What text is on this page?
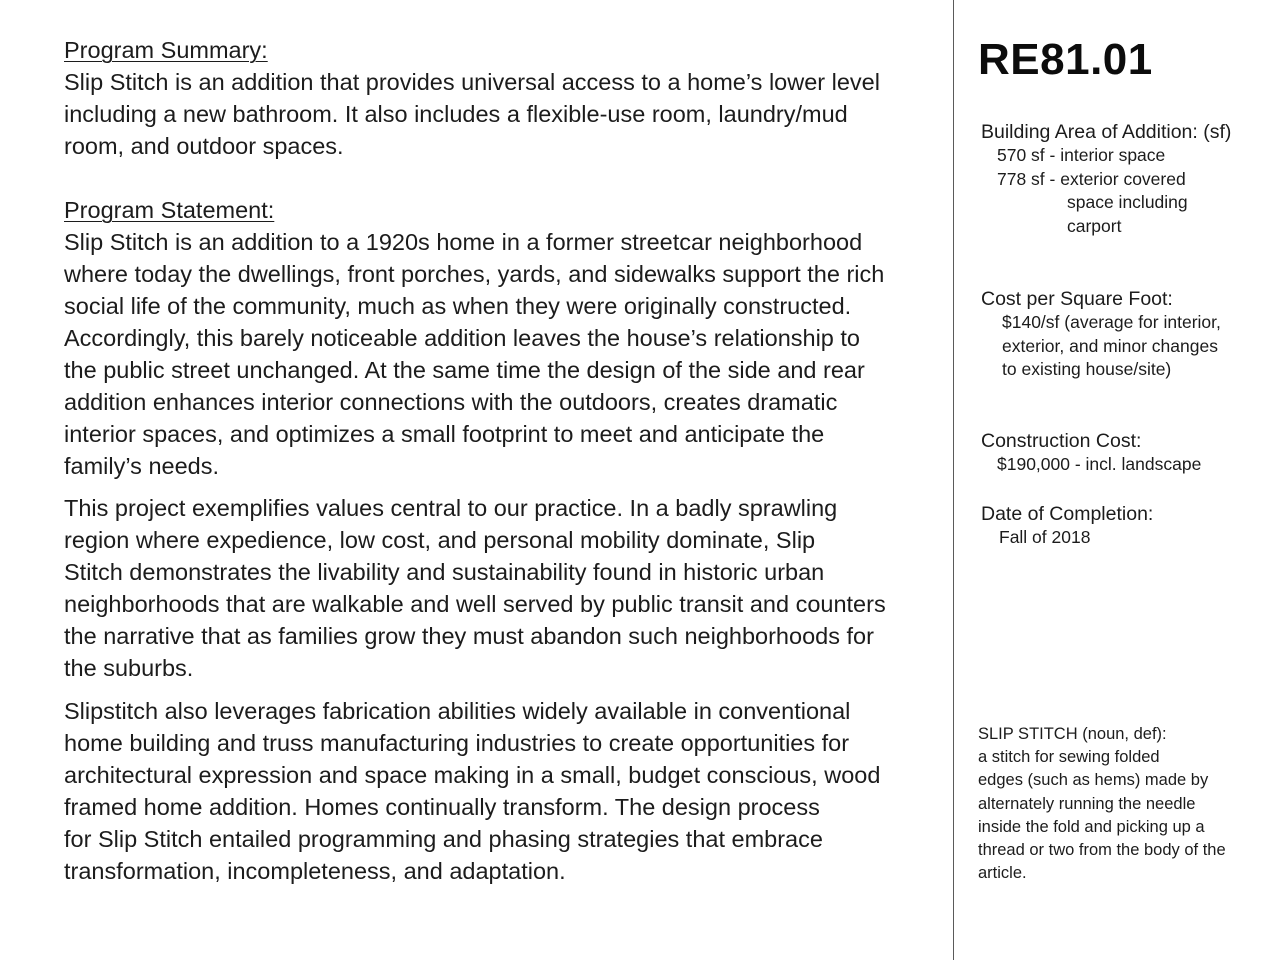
Program Summary:
Slip Stitch is an addition that provides universal access to a home’s lower level
including a new bathroom. It also includes a flexible-use room, laundry/mud
room, and outdoor spaces.
Program Statement:
Slip Stitch is an addition to a 1920s home in a former streetcar neighborhood
where today the dwellings, front porches, yards, and sidewalks support the rich
social life of the community, much as when they were originally constructed.
Accordingly, this barely noticeable addition leaves the house’s relationship to
the public street unchanged. At the same time the design of the side and rear
addition enhances interior connections with the outdoors, creates dramatic
interior spaces, and optimizes a small footprint to meet and anticipate the
family’s needs.
This project exemplifies values central to our practice. In a badly sprawling
region where expedience, low cost, and personal mobility dominate, Slip
Stitch demonstrates the livability and sustainability found in historic urban
neighborhoods that are walkable and well served by public transit and counters
the narrative that as families grow they must abandon such neighborhoods for
the suburbs.
Slipstitch also leverages fabrication abilities widely available in conventional
home building and truss manufacturing industries to create opportunities for
architectural expression and space making in a small, budget conscious, wood
framed home addition. Homes continually transform. The design process
for Slip Stitch entailed programming and phasing strategies that embrace
transformation, incompleteness, and adaptation.
RE81.01
Building Area of Addition: (sf)
570 sf - interior space
778 sf - exterior covered
space including
carport
Cost per Square Foot:
$140/sf (average for interior,
exterior, and minor changes
to existing house/site)
Construction Cost:
$190,000 - incl. landscape
Date of Completion:
Fall of 2018
SLIP STITCH (noun, def):
a stitch for sewing folded
edges (such as hems) made by
alternately running the needle
inside the fold and picking up a
thread or two from the body of the
article.
